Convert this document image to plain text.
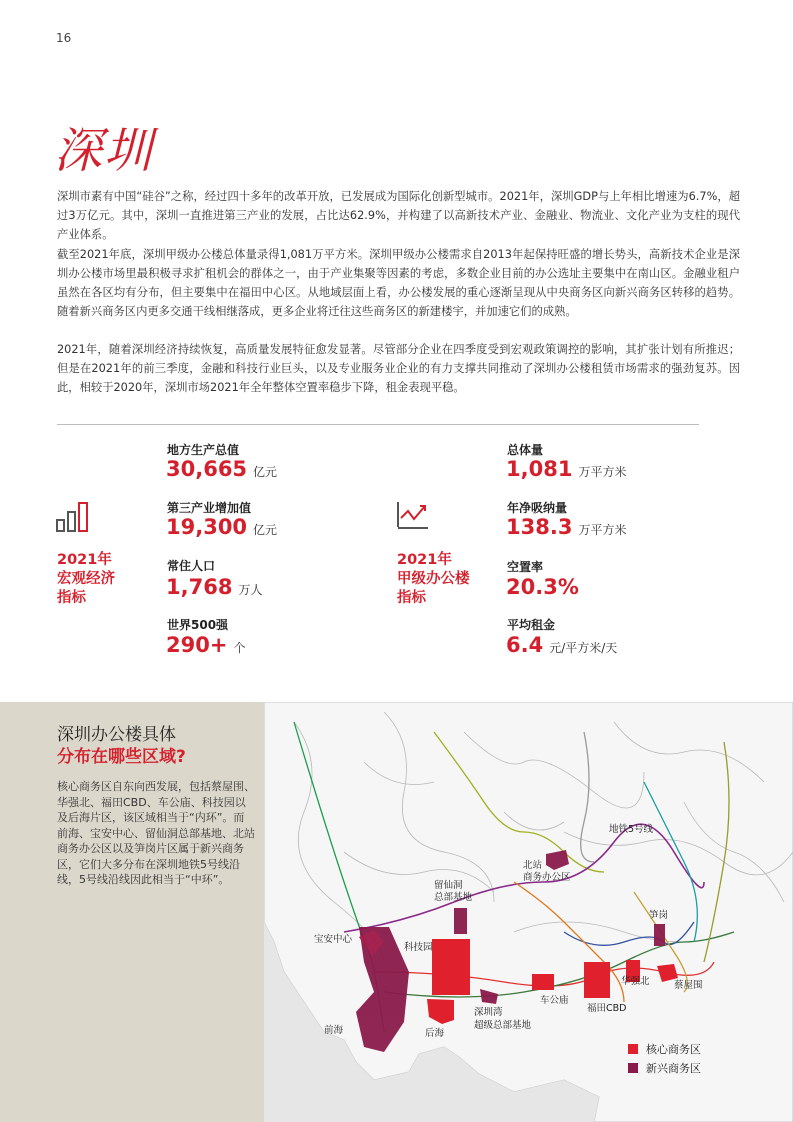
16
深圳
深圳市素有中国“硅谷”之称，经过四十多年的改革开放，已发展成为国际化创新型城市。2021年，深圳GDP与上年相比增速为6.7%，超过3万亿元。其中，深圳一直推进第三产业的发展，占比达62.9%，并构建了以高新技术产业、金融业、物流业、文化产业为支柱的现代产业体系。
截至2021年底，深圳甲级办公楼总体量录得1,081万平方米。深圳甲级办公楼需求自2013年起保持旺盛的增长势头，高新技术企业是深圳办公楼市场里最积极寻求扩租机会的群体之一，由于产业集聚等因素的考虑，多数企业目前的办公选址主要集中在南山区。金融业租户虽然在各区均有分布，但主要集中在福田中心区。从地域层面上看，办公楼发展的重心逐渐呈现从中央商务区向新兴商务区转移的趋势。随着新兴商务区内更多交通干线相继落成，更多企业将迁往这些商务区的新建楼宇，并加速它们的成熟。
2021年，随着深圳经济持续恢复，高质量发展特征愈发显著。尽管部分企业在四季度受到宏观政策调控的影响，其扩张计划有所推迟；但是在2021年的前三季度，金融和科技行业巨头，以及专业服务业企业的有力支撑共同推动了深圳办公楼租赁市场需求的强劲复苏。因此，相较于2020年，深圳市场2021年全年整体空置率稳步下降，租金表现平稳。
2021年
宏观经济
指标
地方生产总值
30,665 亿元
第三产业增加值
19,300 亿元
常住人口
1,768 万人
世界500强
290+ 个
2021年
甲级办公楼
指标
总体量
1,081 万平方米
年净吸纳量
138.3 万平方米
空置率
20.3%
平均租金
6.4 元/平方米/天
深圳办公楼具体
分布在哪些区域?
核心商务区自东向西发展，包括蔡屋围、华强北、福田CBD、车公庙、科技园以及后海片区，该区域相当于“内环”。而前海、宝安中心、留仙洞总部基地、北站商务办公区以及笋岗片区属于新兴商务区，它们大多分布在深圳地铁5号线沿线，5号线沿线因此相当于“中环”。
地铁5号线
北站
商务办公区
留仙洞
总部基地
笋岗
宝安中心
科技园
华强北	蔡屋围
车公庙
福田CBD
深圳湾
超级总部基地
后海
前海
核心商务区
新兴商务区
